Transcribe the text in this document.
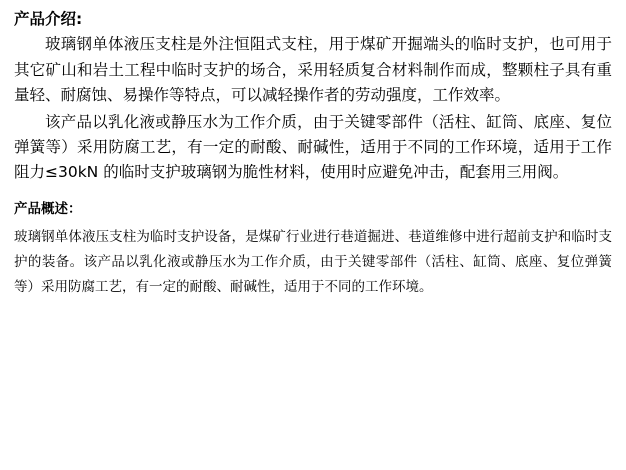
产品介绍:

玻璃钢单体液压支柱是外注恒阻式支柱，用于煤矿开掘端头的临时支护，也可用于其它矿山和岩土工程中临时支护的场合，采用轻质复合材料制作而成，整颗柱子具有重量轻、耐腐蚀、易操作等特点，可以减轻操作者的劳动强度，工作效率。

该产品以乳化液或静压水为工作介质，由于关键零部件（活柱、缸筒、底座、复位弹簧等）采用防腐工艺，有一定的耐酸、耐碱性，适用于不同的工作环境，适用于工作阻力≤30kN 的临时支护玻璃钢为脆性材料，使用时应避免冲击，配套用三用阀。

产品概述：

玻璃钢单体液压支柱为临时支护设备，是煤矿行业进行巷道掘进、巷道维修中进行超前支护和临时支护的装备。该产品以乳化液或静压水为工作介质，由于关键零部件（活柱、缸筒、底座、复位弹簧等）采用防腐工艺，有一定的耐酸、耐碱性，适用于不同的工作环境。
